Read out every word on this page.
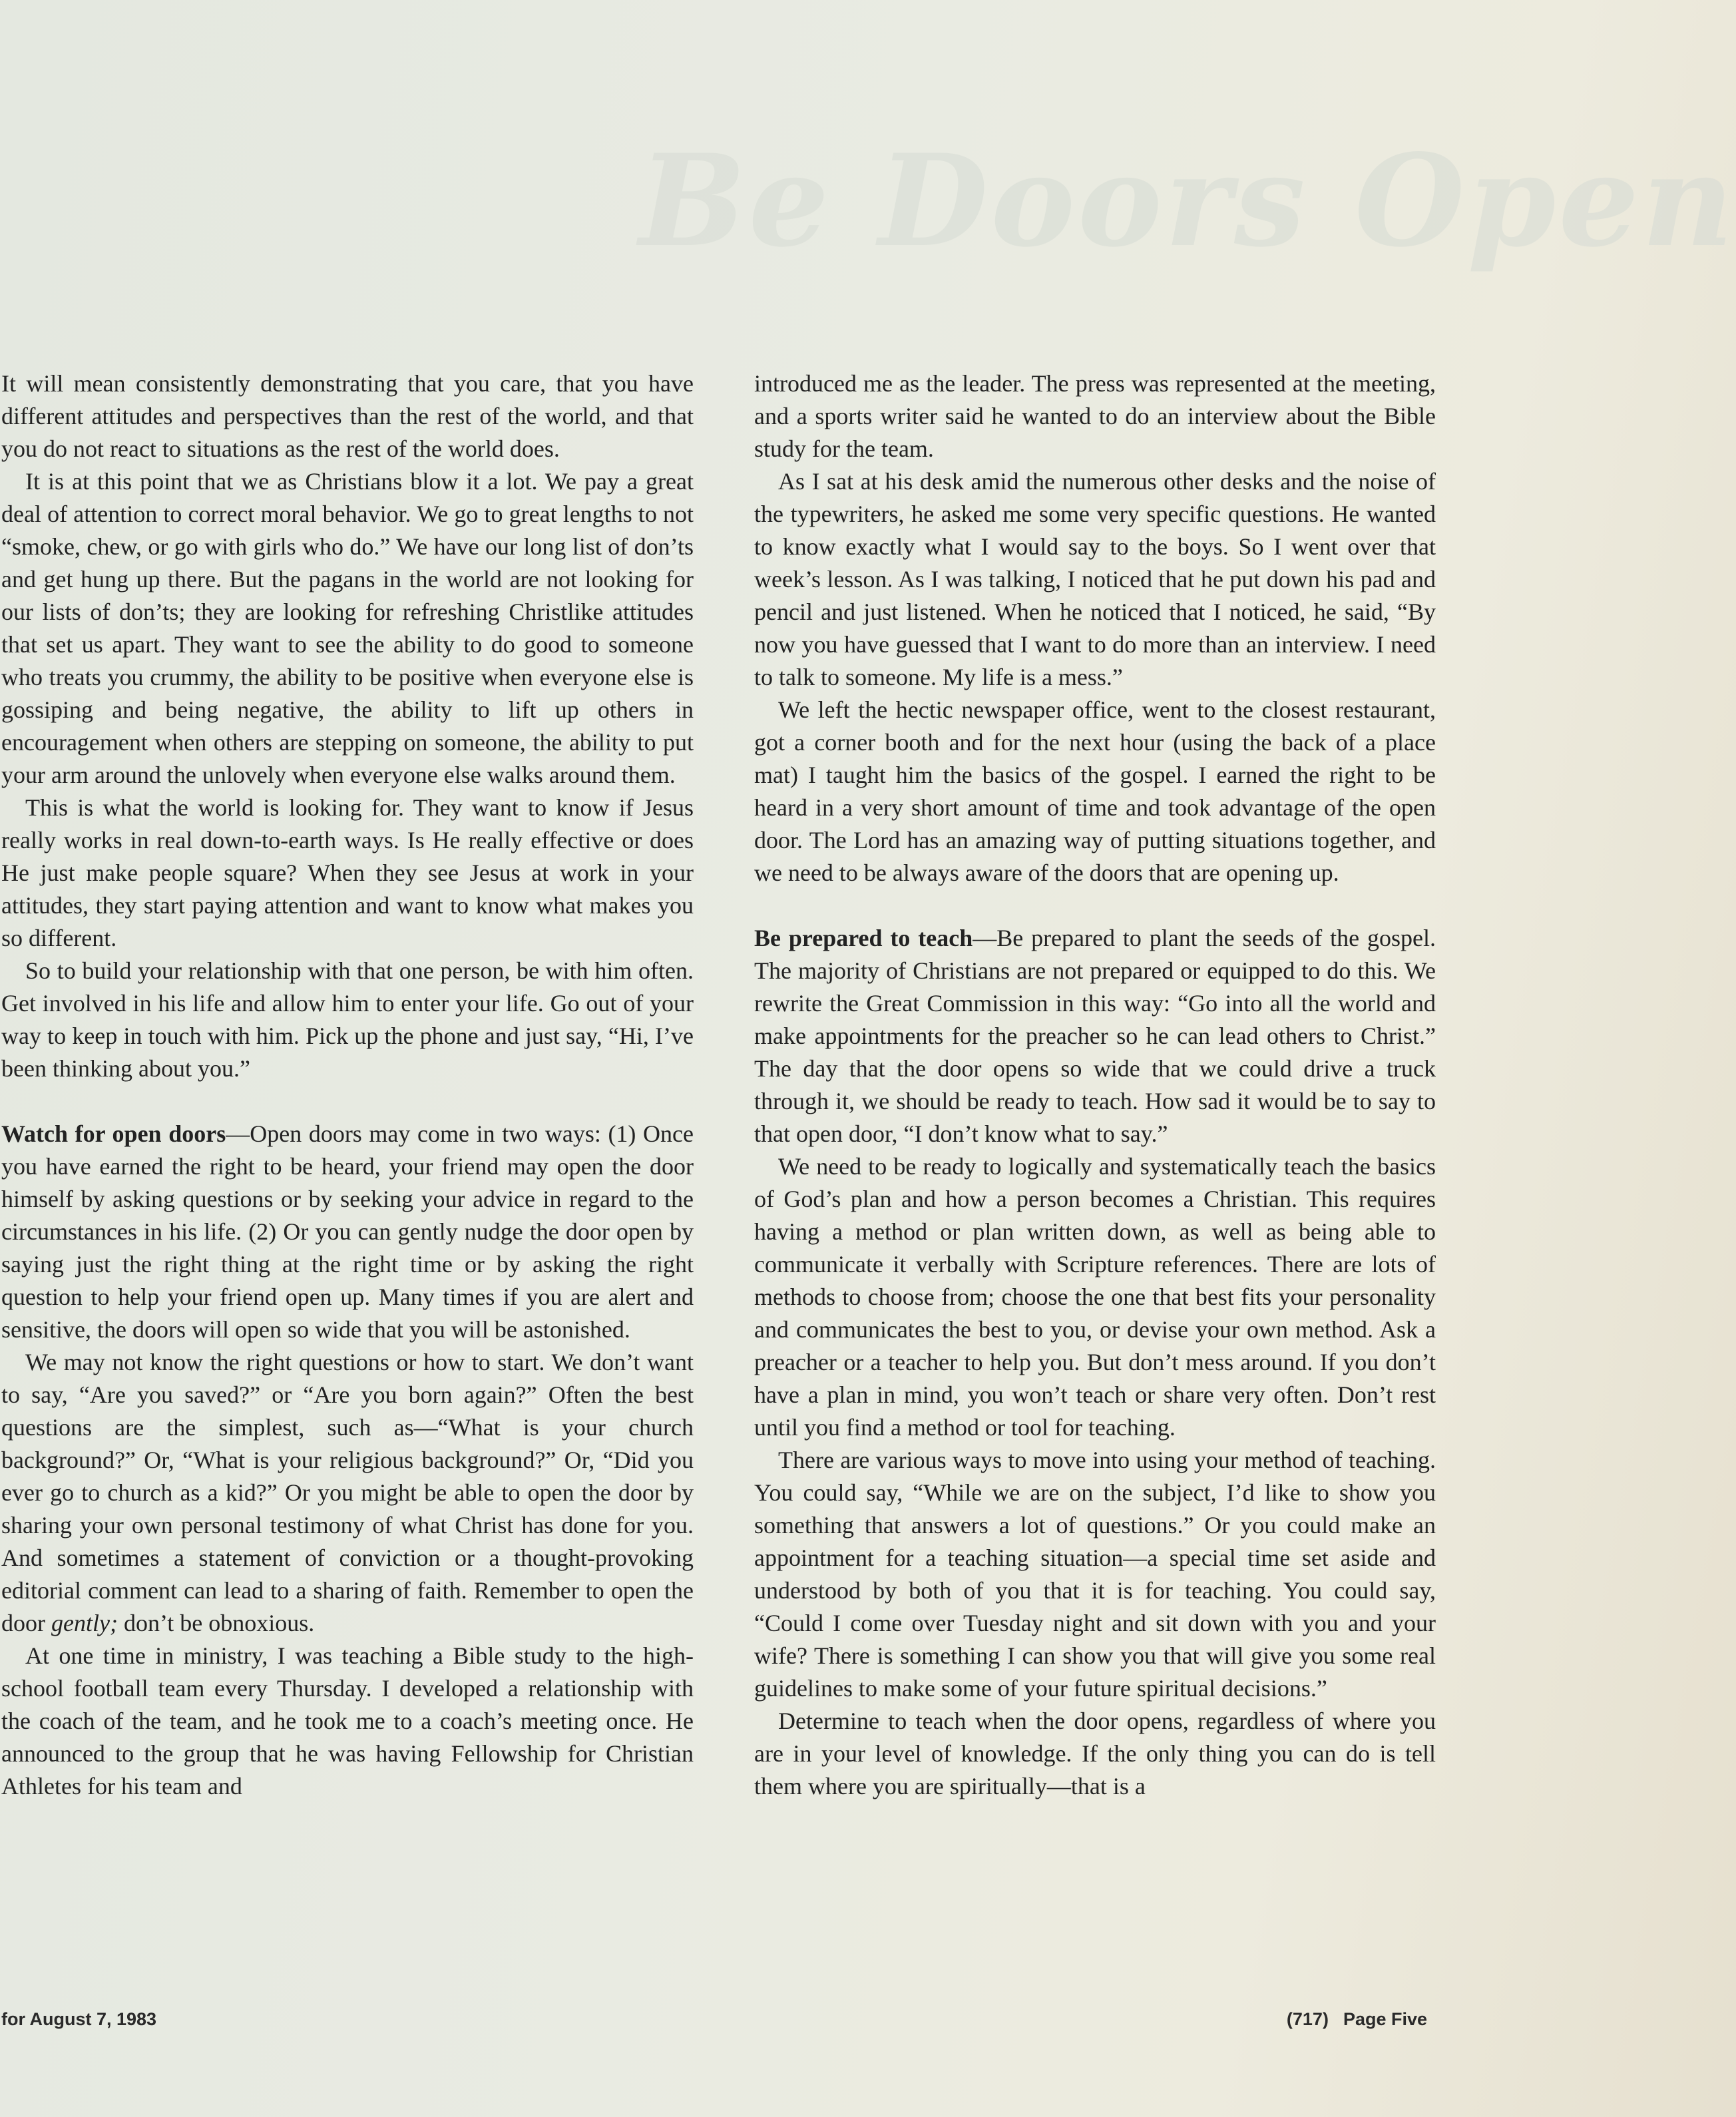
Be Doors Open

It will mean consistently demonstrating that you care, that you have different attitudes and perspectives than the rest of the world, and that you do not react to situations as the rest of the world does.

It is at this point that we as Christians blow it a lot. We pay a great deal of attention to correct moral behavior. We go to great lengths to not “smoke, chew, or go with girls who do.” We have our long list of don’ts and get hung up there. But the pagans in the world are not looking for our lists of don’ts; they are looking for refreshing Christlike attitudes that set us apart. They want to see the ability to do good to someone who treats you crummy, the ability to be positive when everyone else is gossiping and being negative, the ability to lift up others in encouragement when others are stepping on someone, the ability to put your arm around the unlovely when everyone else walks around them.

This is what the world is looking for. They want to know if Jesus really works in real down-to-earth ways. Is He really effective or does He just make people square? When they see Jesus at work in your attitudes, they start paying attention and want to know what makes you so different.

So to build your relationship with that one person, be with him often. Get involved in his life and allow him to enter your life. Go out of your way to keep in touch with him. Pick up the phone and just say, “Hi, I’ve been thinking about you.”

Watch for open doors—Open doors may come in two ways: (1) Once you have earned the right to be heard, your friend may open the door himself by asking questions or by seeking your advice in regard to the circumstances in his life. (2) Or you can gently nudge the door open by saying just the right thing at the right time or by asking the right question to help your friend open up. Many times if you are alert and sensitive, the doors will open so wide that you will be astonished.

We may not know the right questions or how to start. We don’t want to say, “Are you saved?” or “Are you born again?” Often the best questions are the simplest, such as—“What is your church background?” Or, “What is your religious background?” Or, “Did you ever go to church as a kid?” Or you might be able to open the door by sharing your own personal testimony of what Christ has done for you. And sometimes a statement of conviction or a thought-provoking editorial comment can lead to a sharing of faith. Remember to open the door gently; don’t be obnoxious.

At one time in ministry, I was teaching a Bible study to the high-school football team every Thursday. I developed a relationship with the coach of the team, and he took me to a coach’s meeting once. He announced to the group that he was having Fellowship for Christian Athletes for his team and

introduced me as the leader. The press was represented at the meeting, and a sports writer said he wanted to do an interview about the Bible study for the team.

As I sat at his desk amid the numerous other desks and the noise of the typewriters, he asked me some very specific questions. He wanted to know exactly what I would say to the boys. So I went over that week’s lesson. As I was talking, I noticed that he put down his pad and pencil and just listened. When he noticed that I noticed, he said, “By now you have guessed that I want to do more than an interview. I need to talk to someone. My life is a mess.”

We left the hectic newspaper office, went to the closest restaurant, got a corner booth and for the next hour (using the back of a place mat) I taught him the basics of the gospel. I earned the right to be heard in a very short amount of time and took advantage of the open door. The Lord has an amazing way of putting situations together, and we need to be always aware of the doors that are opening up.

Be prepared to teach—Be prepared to plant the seeds of the gospel. The majority of Christians are not prepared or equipped to do this. We rewrite the Great Commission in this way: “Go into all the world and make appointments for the preacher so he can lead others to Christ.” The day that the door opens so wide that we could drive a truck through it, we should be ready to teach. How sad it would be to say to that open door, “I don’t know what to say.”

We need to be ready to logically and systematically teach the basics of God’s plan and how a person becomes a Christian. This requires having a method or plan written down, as well as being able to communicate it verbally with Scripture references. There are lots of methods to choose from; choose the one that best fits your personality and communicates the best to you, or devise your own method. Ask a preacher or a teacher to help you. But don’t mess around. If you don’t have a plan in mind, you won’t teach or share very often. Don’t rest until you find a method or tool for teaching.

There are various ways to move into using your method of teaching. You could say, “While we are on the subject, I’d like to show you something that answers a lot of questions.” Or you could make an appointment for a teaching situation—a special time set aside and understood by both of you that it is for teaching. You could say, “Could I come over Tuesday night and sit down with you and your wife? There is something I can show you that will give you some real guidelines to make some of your future spiritual decisions.”

Determine to teach when the door opens, regardless of where you are in your level of knowledge. If the only thing you can do is tell them where you are spiritually—that is a

for August 7, 1983	(717) Page Five
